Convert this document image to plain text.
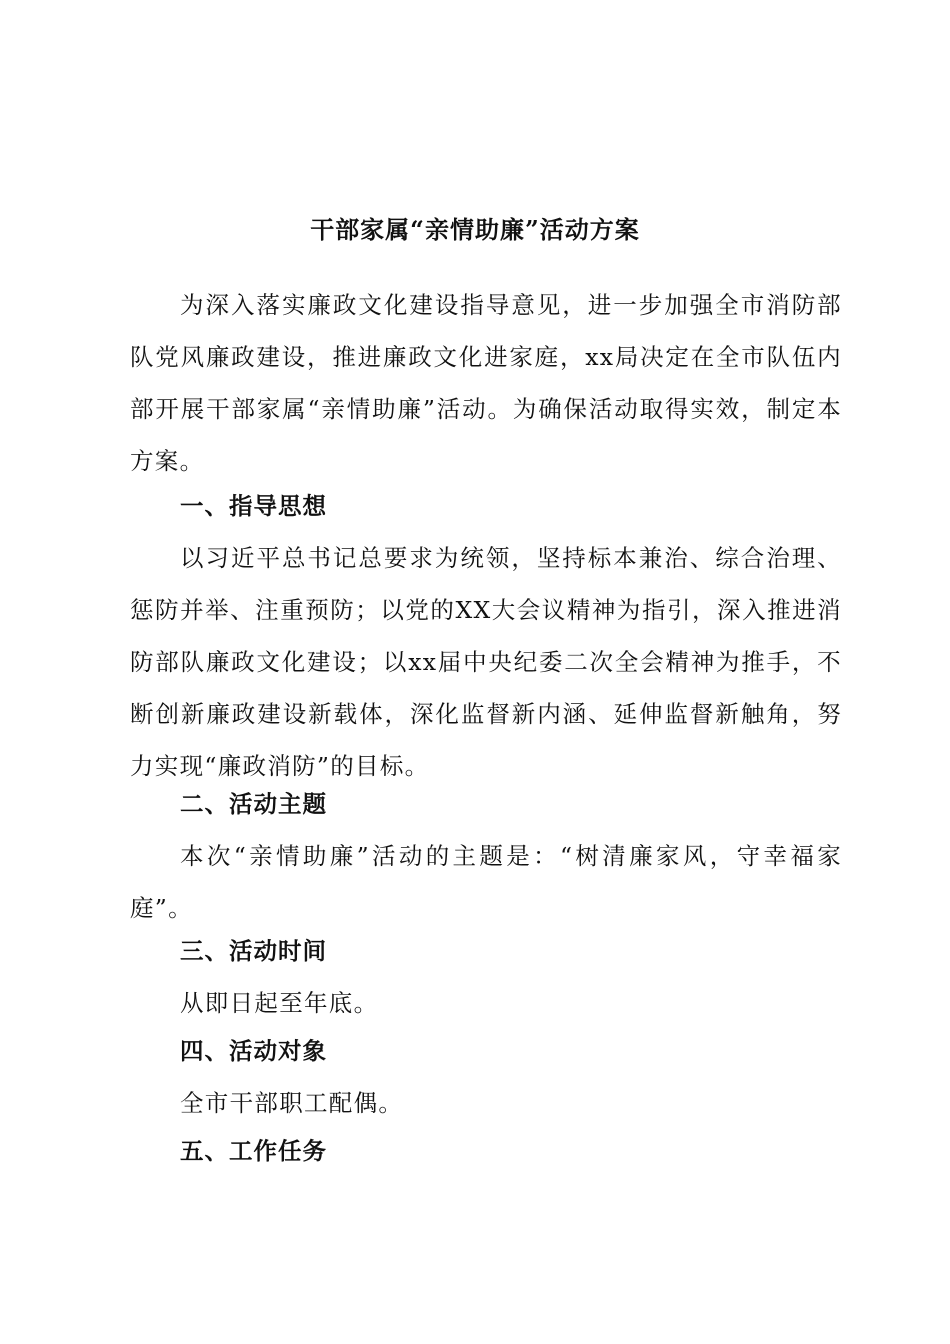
干部家属“亲情助廉”活动方案

为深入落实廉政文化建设指导意见，进一步加强全市消防部队党风廉政建设，推进廉政文化进家庭，xx局决定在全市队伍内部开展干部家属“亲情助廉”活动。为确保活动取得实效，制定本方案。

一、指导思想

以习近平总书记总要求为统领，坚持标本兼治、综合治理、惩防并举、注重预防；以党的XX大会议精神为指引，深入推进消防部队廉政文化建设；以xx届中央纪委二次全会精神为推手，不断创新廉政建设新载体，深化监督新内涵、延伸监督新触角，努力实现“廉政消防”的目标。

二、活动主题

本次“亲情助廉”活动的主题是：“树清廉家风，守幸福家庭”。

三、活动时间

从即日起至年底。

四、活动对象

全市干部职工配偶。

五、工作任务
